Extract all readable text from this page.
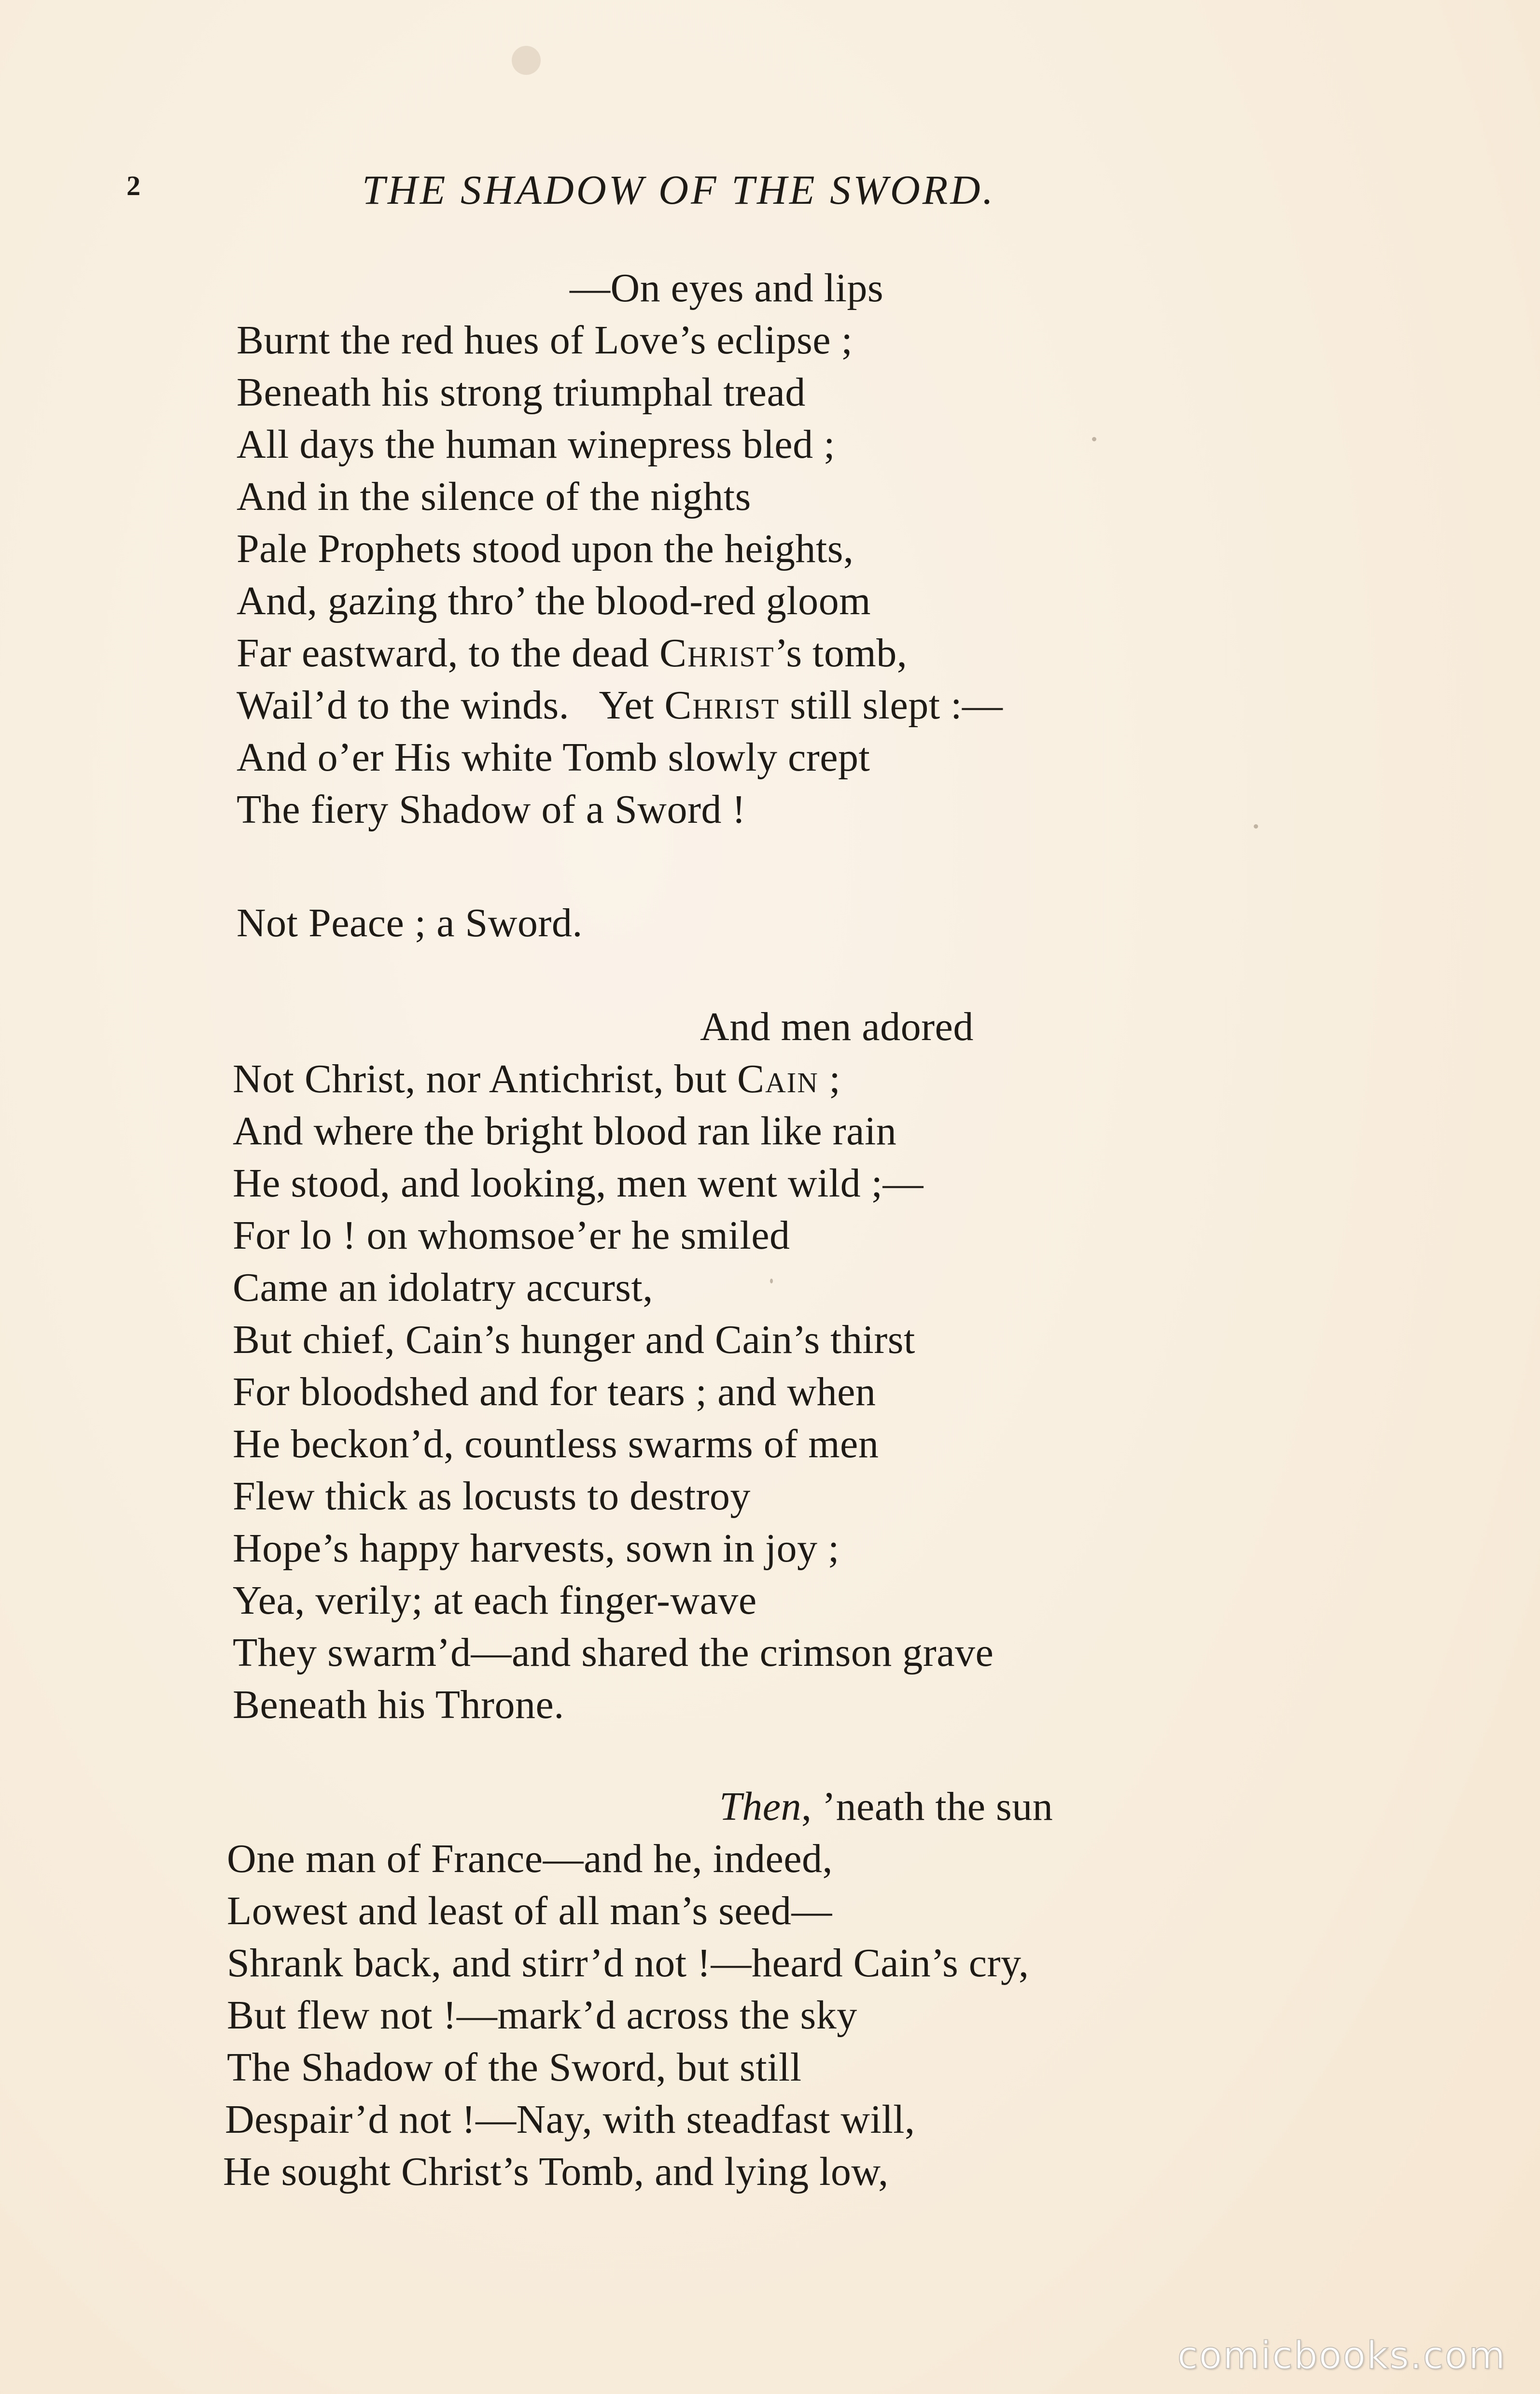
2	THE SHADOW OF THE SWORD.
—On eyes and lips
Burnt the red hues of Love’s eclipse ;
Beneath his strong triumphal tread
All days the human winepress bled ;
And in the silence of the nights
Pale Prophets stood upon the heights,
And, gazing thro’ the blood-red gloom
Far eastward, to the dead Christ’s tomb,
Wail’d to the winds.   Yet Christ still slept :—
And o’er His white Tomb slowly crept
The fiery Shadow of a Sword !
Not Peace ; a Sword.
And men adored
Not Christ, nor Antichrist, but Cain ;
And where the bright blood ran like rain
He stood, and looking, men went wild ;—
For lo ! on whomsoe’er he smiled
Came an idolatry accurst,
But chief, Cain’s hunger and Cain’s thirst
For bloodshed and for tears ; and when
He beckon’d, countless swarms of men
Flew thick as locusts to destroy
Hope’s happy harvests, sown in joy ;
Yea, verily; at each finger-wave
They swarm’d—and shared the crimson grave
Beneath his Throne.
Then, ’neath the sun
One man of France—and he, indeed,
Lowest and least of all man’s seed—
Shrank back, and stirr’d not !—heard Cain’s cry,
But flew not !—mark’d across the sky
The Shadow of the Sword, but still
Despair’d not !—Nay, with steadfast will,
He sought Christ’s Tomb, and lying low,
comicbooks.com
